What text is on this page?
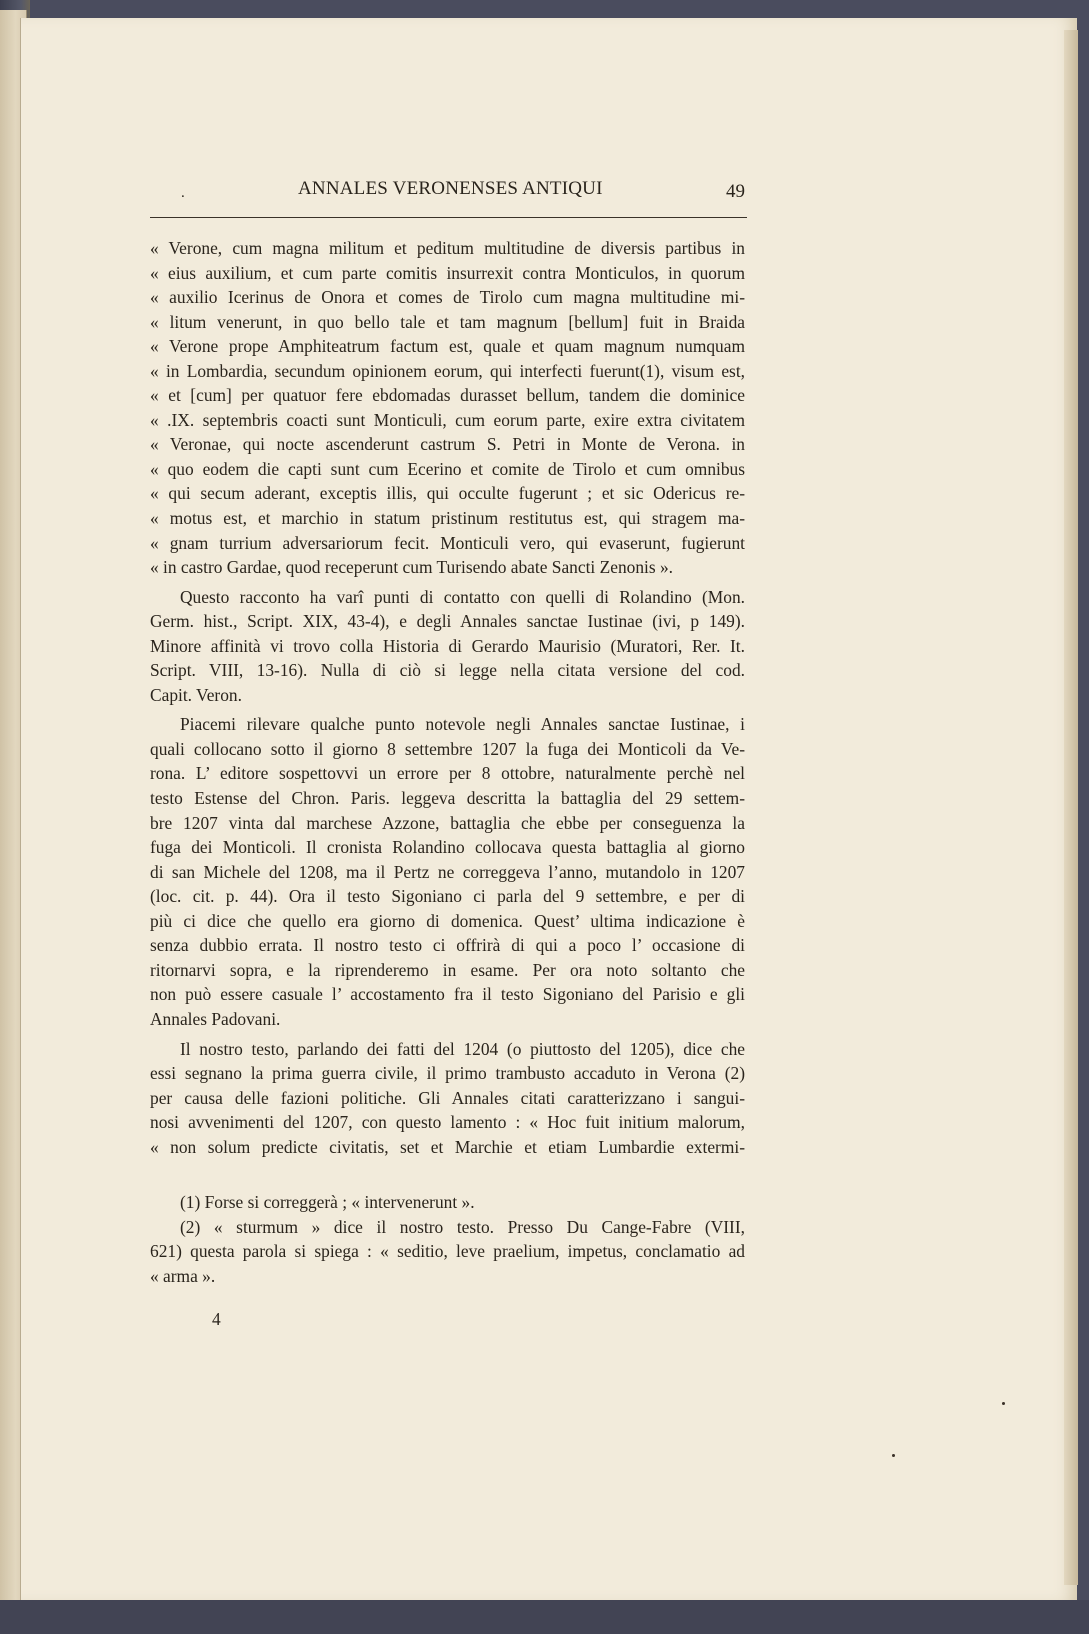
.	ANNALES VERONENSES ANTIQUI	49
« Verone, cum magna militum et peditum multitudine de diversis partibus in
« eius auxilium, et cum parte comitis insurrexit contra Monticulos, in quorum
« auxilio Icerinus de Onora et comes de Tirolo cum magna multitudine mi-
« litum venerunt, in quo bello tale et tam magnum [bellum] fuit in Braida
« Verone prope Amphiteatrum factum est, quale et quam magnum numquam
« in Lombardia, secundum opinionem eorum, qui interfecti fuerunt(1), visum est,
« et [cum] per quatuor fere ebdomadas durasset bellum, tandem die dominice
« .IX. septembris coacti sunt Monticuli, cum eorum parte, exire extra civitatem
« Veronae, qui nocte ascenderunt castrum S. Petri in Monte de Verona. in
« quo eodem die capti sunt cum Ecerino et comite de Tirolo et cum omnibus
« qui secum aderant, exceptis illis, qui occulte fugerunt ; et sic Odericus re-
« motus est, et marchio in statum pristinum restitutus est, qui stragem ma-
« gnam turrium adversariorum fecit. Monticuli vero, qui evaserunt, fugierunt
« in castro Gardae, quod receperunt cum Turisendo abate Sancti Zenonis ».
Questo racconto ha varî punti di contatto con quelli di Rolandino (Mon.
Germ. hist., Script. XIX, 43-4), e degli Annales sanctae Iustinae (ivi, p 149).
Minore affinità vi trovo colla Historia di Gerardo Maurisio (Muratori, Rer. It.
Script. VIII, 13-16). Nulla di ciò si legge nella citata versione del cod.
Capit. Veron.
Piacemi rilevare qualche punto notevole negli Annales sanctae Iustinae, i
quali collocano sotto il giorno 8 settembre 1207 la fuga dei Monticoli da Ve-
rona. L’ editore sospettovvi un errore per 8 ottobre, naturalmente perchè nel
testo Estense del Chron. Paris. leggeva descritta la battaglia del 29 settem-
bre 1207 vinta dal marchese Azzone, battaglia che ebbe per conseguenza la
fuga dei Monticoli. Il cronista Rolandino collocava questa battaglia al giorno
di san Michele del 1208, ma il Pertz ne correggeva l’anno, mutandolo in 1207
(loc. cit. p. 44). Ora il testo Sigoniano ci parla del 9 settembre, e per di
più ci dice che quello era giorno di domenica. Quest’ ultima indicazione è
senza dubbio errata. Il nostro testo ci offrirà di qui a poco l’ occasione di
ritornarvi sopra, e la riprenderemo in esame. Per ora noto soltanto che
non può essere casuale l’ accostamento fra il testo Sigoniano del Parisio e gli
Annales Padovani.
Il nostro testo, parlando dei fatti del 1204 (o piuttosto del 1205), dice che
essi segnano la prima guerra civile, il primo trambusto accaduto in Verona (2)
per causa delle fazioni politiche. Gli Annales citati caratterizzano i sangui-
nosi avvenimenti del 1207, con questo lamento : « Hoc fuit initium malorum,
« non solum predicte civitatis, set et Marchie et etiam Lumbardie extermi-
(1) Forse si correggerà ; « intervenerunt ».
(2) « sturmum » dice il nostro testo. Presso Du Cange-Fabre (VIII,
621) questa parola si spiega : « seditio, leve praelium, impetus, conclamatio ad
« arma ».
4
